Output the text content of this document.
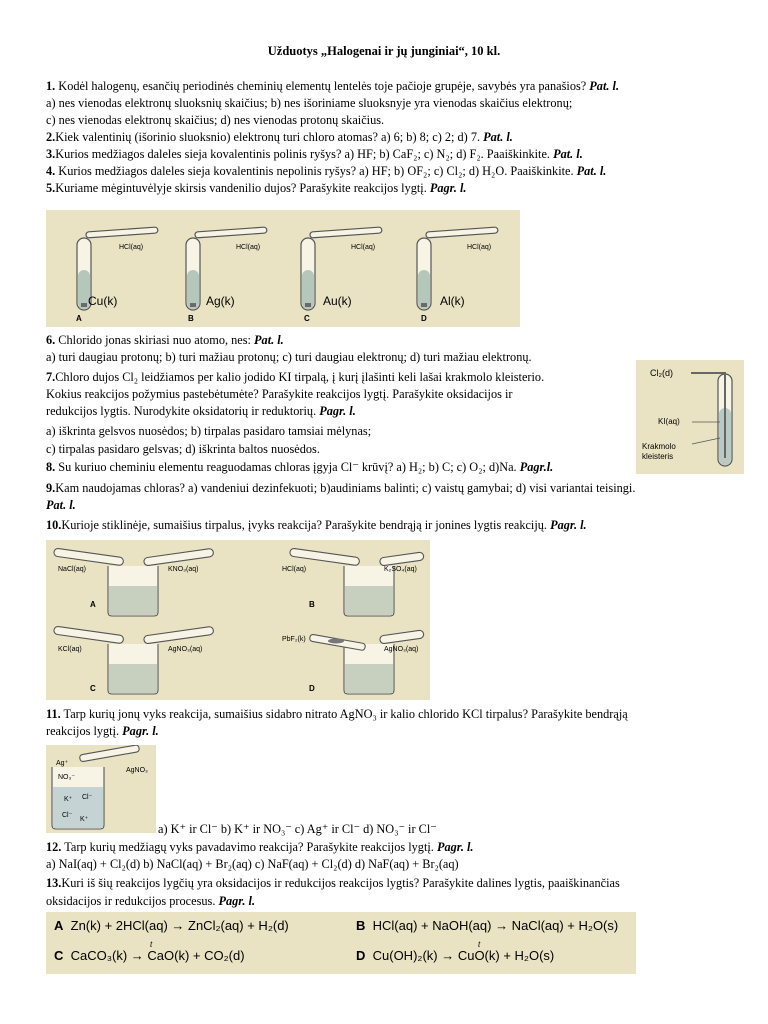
Užduotys „Halogenai ir jų junginiai“, 10 kl.
1. Kodėl halogenų, esančių periodinės cheminių elementų lentelės toje pačioje grupėje, savybės yra panašios? Pat. l.
a) nes vienodas elektronų sluoksnių skaičius; b) nes išoriniame sluoksnyje yra vienodas skaičius elektronų;
c) nes vienodas elektronų skaičius; d) nes vienodas protonų skaičius.
2.Kiek valentinių (išorinio sluoksnio) elektronų turi chloro atomas? a) 6; b) 8; c) 2; d) 7. Pat. l.
3.Kurios medžiagos daleles sieja kovalentinis polinis ryšys? a) HF; b) CaF₂; c) N₂; d) F₂. Paaiškinkite. Pat. l.
4. Kurios medžiagos daleles sieja kovalentinis nepolinis ryšys? a) HF; b) OF₂; c) Cl₂; d) H₂O. Paaiškinkite. Pat. l.
5.Kuriame mėgintuvėlyje skirsis vandenilio dujos? Parašykite reakcijos lygtį. Pagr. l.
HCl(aq)	HCl(aq)	HCl(aq)	HCl(aq)
Cu(k)	Ag(k)	Au(k)	Al(k)
A	B	C	D
6. Chlorido jonas skiriasi nuo atomo, nes: Pat. l.
a) turi daugiau protonų; b) turi mažiau protonų; c) turi daugiau elektronų; d) turi mažiau elektronų.
7.Chloro dujos Cl₂ leidžiamos per kalio jodido KI tirpalą, į kurį įlašinti keli lašai krakmolo kleisterio.
Kokius reakcijos požymius pastebėtumėte? Parašykite reakcijos lygtį. Parašykite oksidacijos ir
redukcijos lygtis. Nurodykite oksidatorių ir reduktorių. Pagr. l.
a) iškrinta gelsvos nuosėdos; b) tirpalas pasidaro tamsiai mėlynas;
c) tirpalas pasidaro gelsvas; d) iškrinta baltos nuosėdos.
8. Su kuriuo cheminiu elementu reaguodamas chloras įgyja Cl⁻ krūvį? a) H₂; b) C; c) O₂; d)Na. Pagr.l.
9.Kam naudojamas chloras? a) vandeniui dezinfekuoti; b)audiniams balinti; c) vaistų gamybai; d) visi variantai teisingi.
Pat. l.
10.Kurioje stiklinėje, sumaišius tirpalus, įvyks reakcija? Parašykite bendrąją ir jonines lygtis reakcijų. Pagr. l.
Cl₂(d)
KI(aq)
Krakmolo
kleisteris
NaCl(aq)	KNO₃(aq)
A
HCl(aq)	K₂SO₄(aq)
B
KCl(aq)	AgNO₃(aq)
C
PbF₂(k)
AgNO₃(aq)
D
11. Tarp kurių jonų vyks reakcija, sumaišius sidabro nitrato AgNO₃ ir kalio chlorido KCl tirpalus? Parašykite bendrąją
reakcijos lygtį. Pagr. l.
a) K⁺ ir Cl⁻ b) K⁺ ir NO₃⁻ c) Ag⁺ ir Cl⁻ d) NO₃⁻ ir Cl⁻
12. Tarp kurių medžiagų vyks pavadavimo reakcija? Parašykite reakcijos lygtį. Pagr. l.
a) NaI(aq) + Cl₂(d) b) NaCl(aq) + Br₂(aq) c) NaF(aq) + Cl₂(d) d) NaF(aq) + Br₂(aq)
13.Kuri iš šių reakcijos lygčių yra oksidacijos ir redukcijos reakcijos lygtis? Parašykite dalines lygtis, paaiškinančias
oksidacijos ir redukcijos procesus. Pagr. l.
Ag⁺
NO₃⁻
AgNO₃
K⁺ Cl⁻
Cl⁻
K⁺
A Zn(k) + 2HCl(aq) → ZnCl₂(aq) + H₂(d)	B HCl(aq) + NaOH(aq) → NaCl(aq) + H₂O(s)
C CaCO₃(k) → CaO(k) + CO₂(d)	D Cu(OH)₂(k) → CuO(k) + H₂O(s)
t	t
